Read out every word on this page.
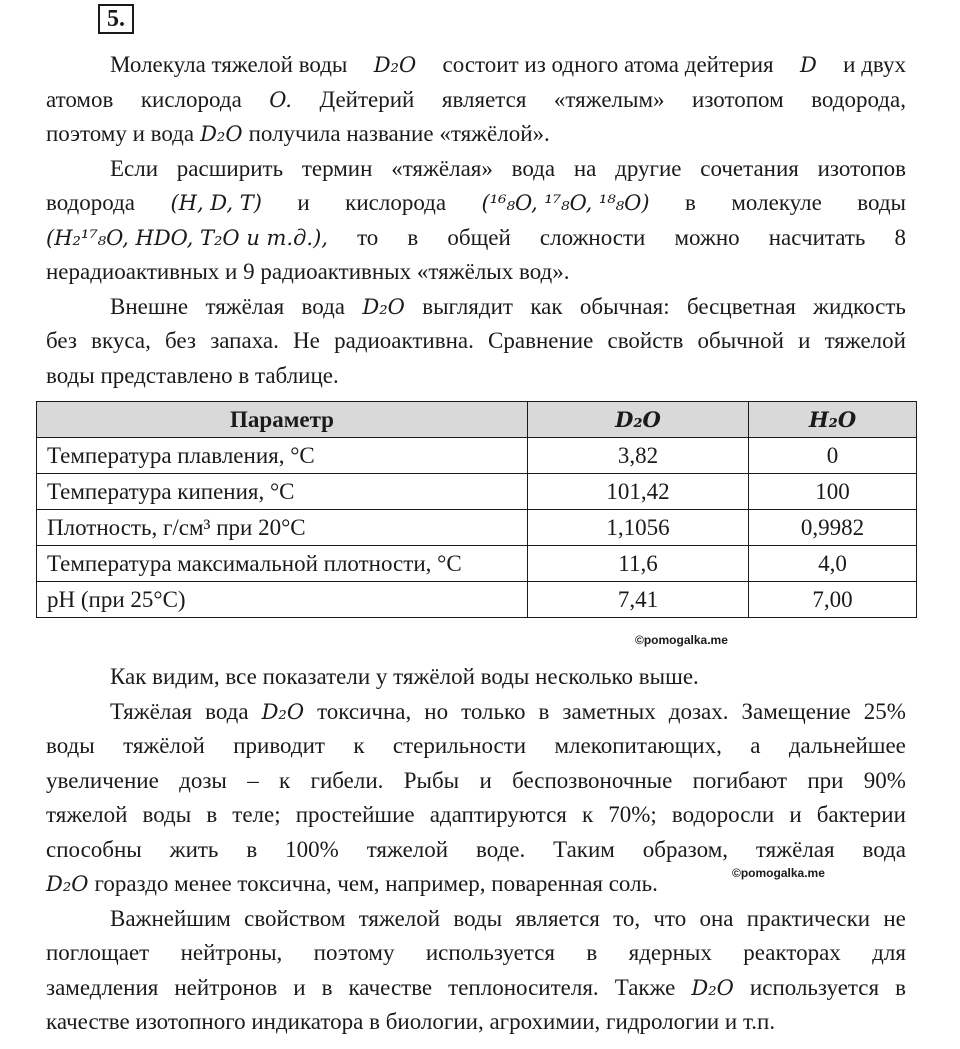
5.
Молекула тяжелой воды D₂O состоит из одного атома дейтерия D и двух
атомов кислорода O. Дейтерий является «тяжелым» изотопом водорода,
поэтому и вода D₂O получила название «тяжёлой».
Если расширить термин «тяжёлая» вода на другие сочетания изотопов
водорода (H, D, T) и кислорода (¹⁶₈O, ¹⁷₈O, ¹⁸₈O) в молекуле воды
(H₂¹⁷₈O, HDO, T₂O и т.д.), то в общей сложности можно насчитать 8
нерадиоактивных и 9 радиоактивных «тяжёлых вод».
Внешне тяжёлая вода D₂O выглядит как обычная: бесцветная жидкость
без вкуса, без запаха. Не радиоактивна. Сравнение свойств обычной и тяжелой
воды представлено в таблице.
Параметр	D₂O	H₂O
Температура плавления, °C	3,82	0
Температура кипения, °C	101,42	100
Плотность, г/см³ при 20°C	1,1056	0,9982
Температура максимальной плотности, °C	11,6	4,0
pH (при 25°C)	7,41	7,00
©pomogalka.me
Как видим, все показатели у тяжёлой воды несколько выше.
Тяжёлая вода D₂O токсична, но только в заметных дозах. Замещение 25%
воды тяжёлой приводит к стерильности млекопитающих, а дальнейшее
увеличение дозы – к гибели. Рыбы и беспозвоночные погибают при 90%
тяжелой воды в теле; простейшие адаптируются к 70%; водоросли и бактерии
способны жить в 100% тяжелой воде. Таким образом, тяжёлая вода
D₂O гораздо менее токсична, чем, например, поваренная соль.
Важнейшим свойством тяжелой воды является то, что она практически не
поглощает нейтроны, поэтому используется в ядерных реакторах для
замедления нейтронов и в качестве теплоносителя. Также D₂O используется в
качестве изотопного индикатора в биологии, агрохимии, гидрологии и т.п.
©pomogalka.me
